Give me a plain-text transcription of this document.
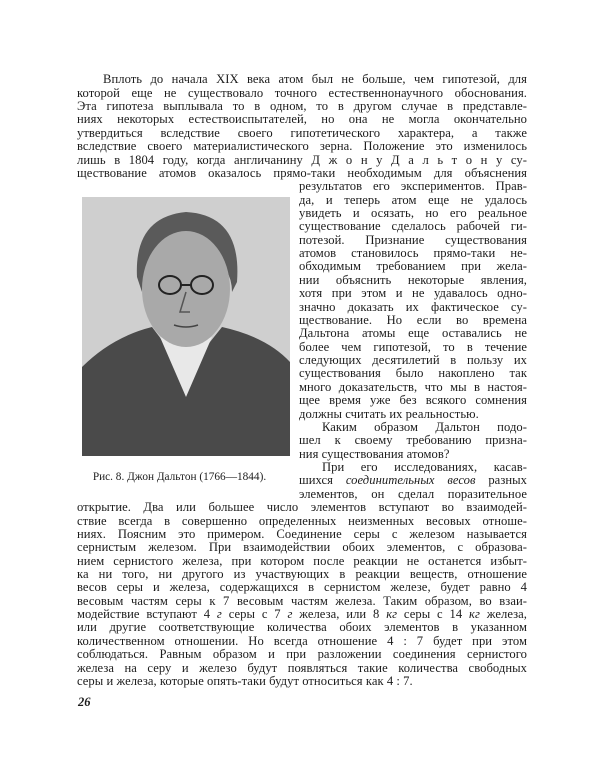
Рис. 8. Джон Дальтон (1766—1844).
26
Вплоть до начала XIX века атом был не больше, чем гипотезой, для
которой еще не существовало точного естественнонаучного обоснования.
Эта гипотеза выплывала то в одном, то в другом случае в представле-
ниях некоторых естествоиспытателей, но она не могла окончательно
утвердиться вследствие своего гипотетического характера, а также
вследствие своего материалистического зерна. Положение это изменилось
лишь в 1804 году, когда англичанину Д ж о н у Д а л ь т о н у су-
ществование атомов оказалось прямо-таки необходимым для объяснения
результатов его экспериментов. Прав-
да, и теперь атом еще не удалось
увидеть и осязать, но его реальное
существование сделалось рабочей ги-
потезой. Признание существования
атомов становилось прямо-таки не-
обходимым требованием при жела-
нии объяснить некоторые явления,
хотя при этом и не удавалось одно-
значно доказать их фактическое су-
ществование. Но если во времена
Дальтона атомы еще оставались не
более чем гипотезой, то в течение
следующих десятилетий в пользу их
существования было накоплено так
много доказательств, что мы в настоя-
щее время уже без всякого сомнения
должны считать их реальностью.
Каким образом Дальтон подо-
шел к своему требованию призна-
ния существования атомов?
При его исследованиях, касав-
шихся соединительных весов разных
элементов, он сделал поразительное
открытие. Два или большее число элементов вступают во взаимодей-
ствие всегда в совершенно определенных неизменных весовых отноше-
ниях. Поясним это примером. Соединение серы с железом называется
сернистым железом. При взаимодействии обоих элементов, с образова-
нием сернистого железа, при котором после реакции не останется избыт-
ка ни того, ни другого из участвующих в реакции веществ, отношение
весов серы и железа, содержащихся в сернистом железе, будет равно 4
весовым частям серы к 7 весовым частям железа. Таким образом, во взаи-
модействие вступают 4 г серы с 7 г железа, или 8 кг серы с 14 кг железа,
или другие соответствующие количества обоих элементов в указанном
количественном отношении. Но всегда отношение 4 : 7 будет при этом
соблюдаться. Равным образом и при разложении соединения сернистого
железа на серу и железо будут появляться такие количества свободных
серы и железа, которые опять-таки будут относиться как 4 : 7.
